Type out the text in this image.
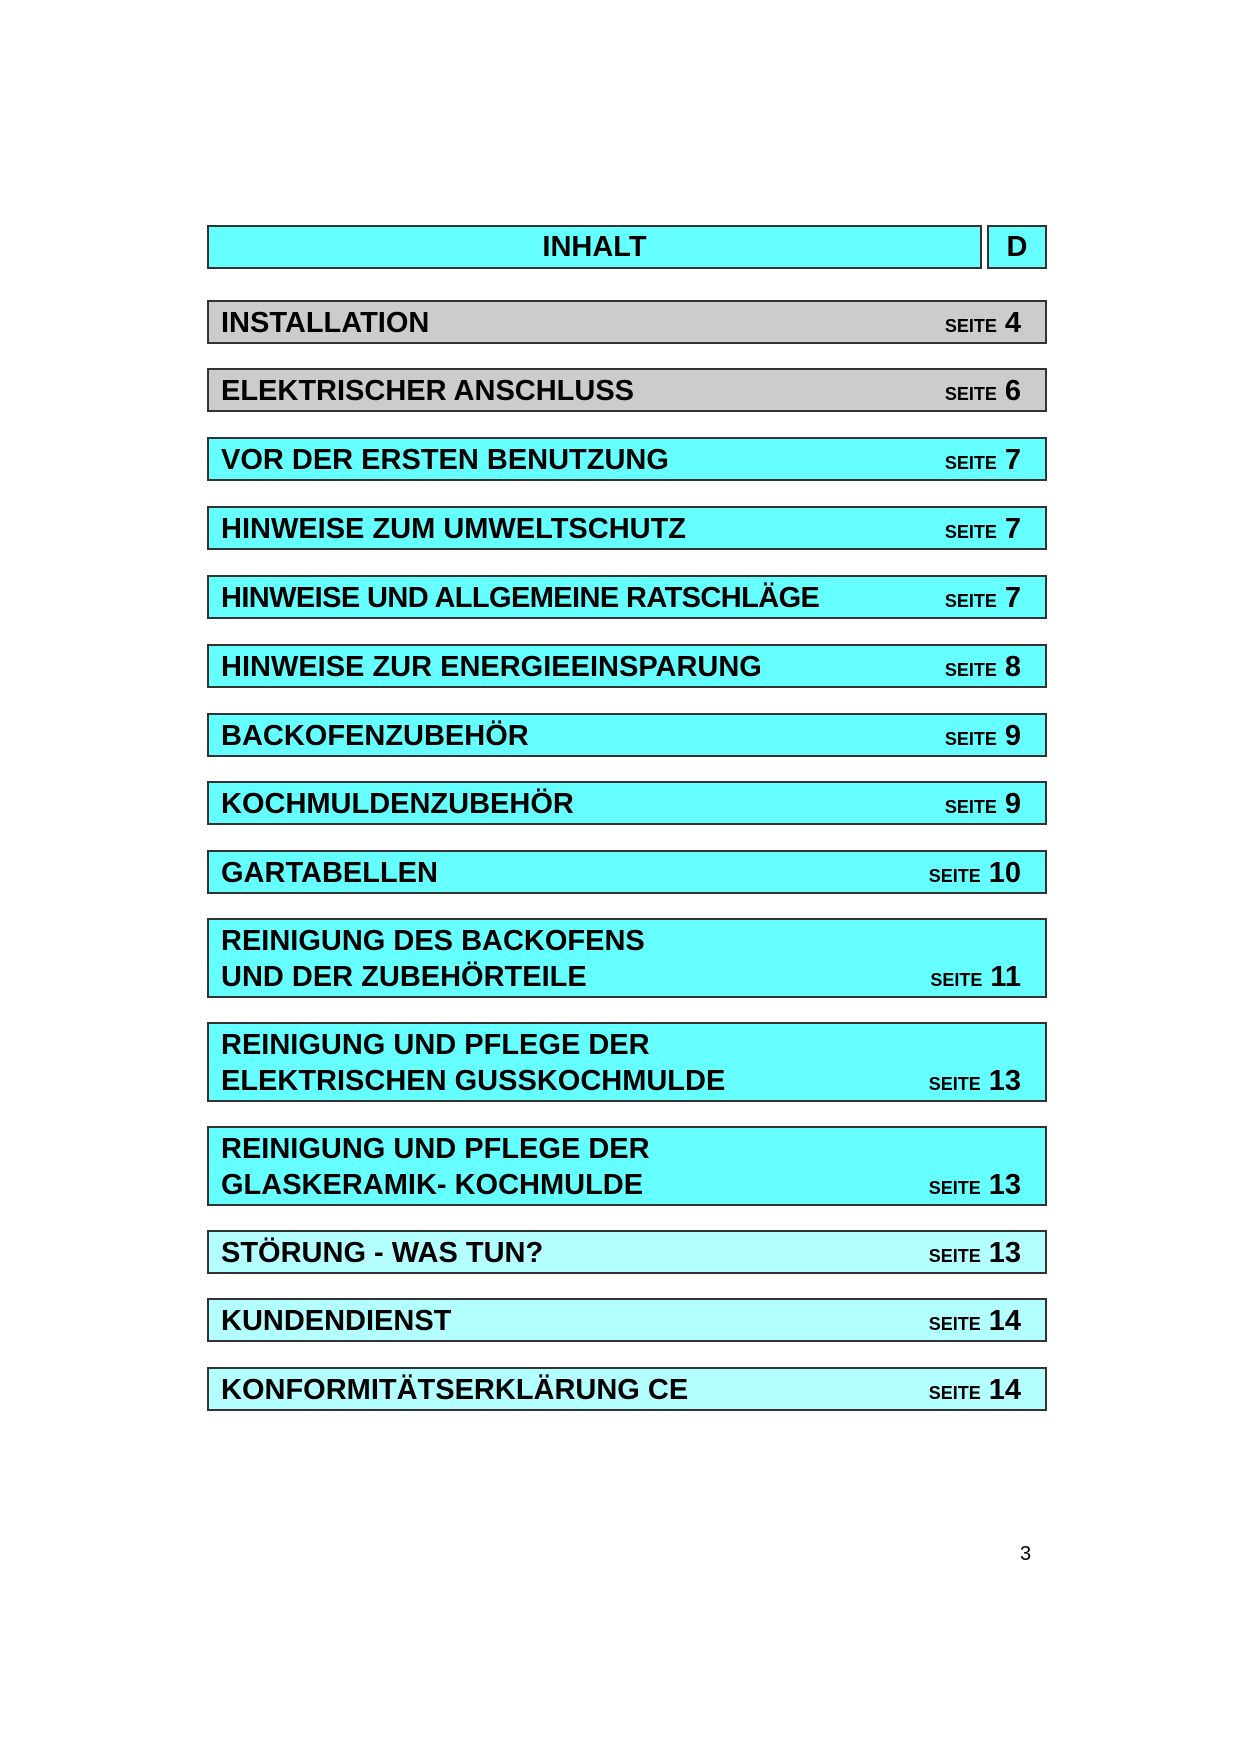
INHALT	D
INSTALLATION	SEITE 4
ELEKTRISCHER ANSCHLUSS	SEITE 6
VOR DER ERSTEN BENUTZUNG	SEITE 7
HINWEISE ZUM UMWELTSCHUTZ	SEITE 7
HINWEISE UND ALLGEMEINE RATSCHLÄGE	SEITE 7
HINWEISE ZUR ENERGIEEINSPARUNG	SEITE 8
BACKOFENZUBEHÖR	SEITE 9
KOCHMULDENZUBEHÖR	SEITE 9
GARTABELLEN	SEITE 10
REINIGUNG DES BACKOFENS
UND DER ZUBEHÖRTEILE	SEITE 11
REINIGUNG UND PFLEGE DER
ELEKTRISCHEN GUSSKOCHMULDE	SEITE 13
REINIGUNG UND PFLEGE DER
GLASKERAMIK- KOCHMULDE	SEITE 13
STÖRUNG - WAS TUN?	SEITE 13
KUNDENDIENST	SEITE 14
KONFORMITÄTSERKLÄRUNG CE	SEITE 14
3
